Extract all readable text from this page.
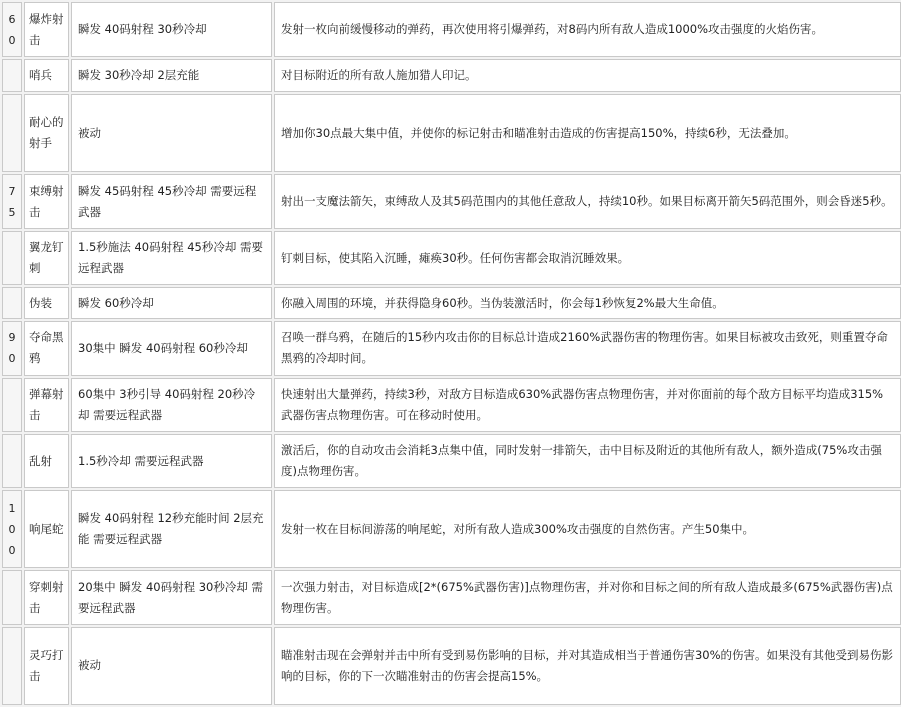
60	爆炸射击	瞬发 40码射程 30秒冷却	发射一枚向前缓慢移动的弹药，再次使用将引爆弹药，对8码内所有敌人造成1000%攻击强度的火焰伤害。

	哨兵	瞬发 30秒冷却 2层充能	对目标附近的所有敌人施加猎人印记。

	耐心的射手	被动	增加你30点最大集中值，并使你的标记射击和瞄准射击造成的伤害提高150%，持续6秒，无法叠加。

75	束缚射击	瞬发 45码射程 45秒冷却 需要远程武器	射出一支魔法箭矢，束缚敌人及其5码范围内的其他任意敌人，持续10秒。如果目标离开箭矢5码范围外，则会昏迷5秒。

	翼龙钉刺	1.5秒施法 40码射程 45秒冷却 需要远程武器	钉刺目标，使其陷入沉睡，瘫痪30秒。任何伤害都会取消沉睡效果。

	伪装	瞬发 60秒冷却	你融入周围的环境，并获得隐身60秒。当伪装激活时，你会每1秒恢复2%最大生命值。

90	夺命黑鸦	30集中 瞬发 40码射程 60秒冷却	召唤一群乌鸦，在随后的15秒内攻击你的目标总计造成2160%武器伤害的物理伤害。如果目标被攻击致死，则重置夺命黑鸦的冷却时间。

	弹幕射击	60集中 3秒引导 40码射程 20秒冷却 需要远程武器	快速射出大量弹药，持续3秒，对敌方目标造成630%武器伤害点物理伤害，并对你面前的每个敌方目标平均造成315%武器伤害点物理伤害。可在移动时使用。

	乱射	1.5秒冷却 需要远程武器	激活后，你的自动攻击会消耗3点集中值，同时发射一排箭矢，击中目标及附近的其他所有敌人，额外造成(75%攻击强度)点物理伤害。

100	响尾蛇	瞬发 40码射程 12秒充能时间 2层充能 需要远程武器	发射一枚在目标间游荡的响尾蛇，对所有敌人造成300%攻击强度的自然伤害。产生50集中。

	穿刺射击	20集中 瞬发 40码射程 30秒冷却 需要远程武器	一次强力射击，对目标造成[2*(675%武器伤害)]点物理伤害，并对你和目标之间的所有敌人造成最多(675%武器伤害)点物理伤害。

	灵巧打击	被动	瞄准射击现在会弹射并击中所有受到易伤影响的目标，并对其造成相当于普通伤害30%的伤害。如果没有其他受到易伤影响的目标，你的下一次瞄准射击的伤害会提高15%。
